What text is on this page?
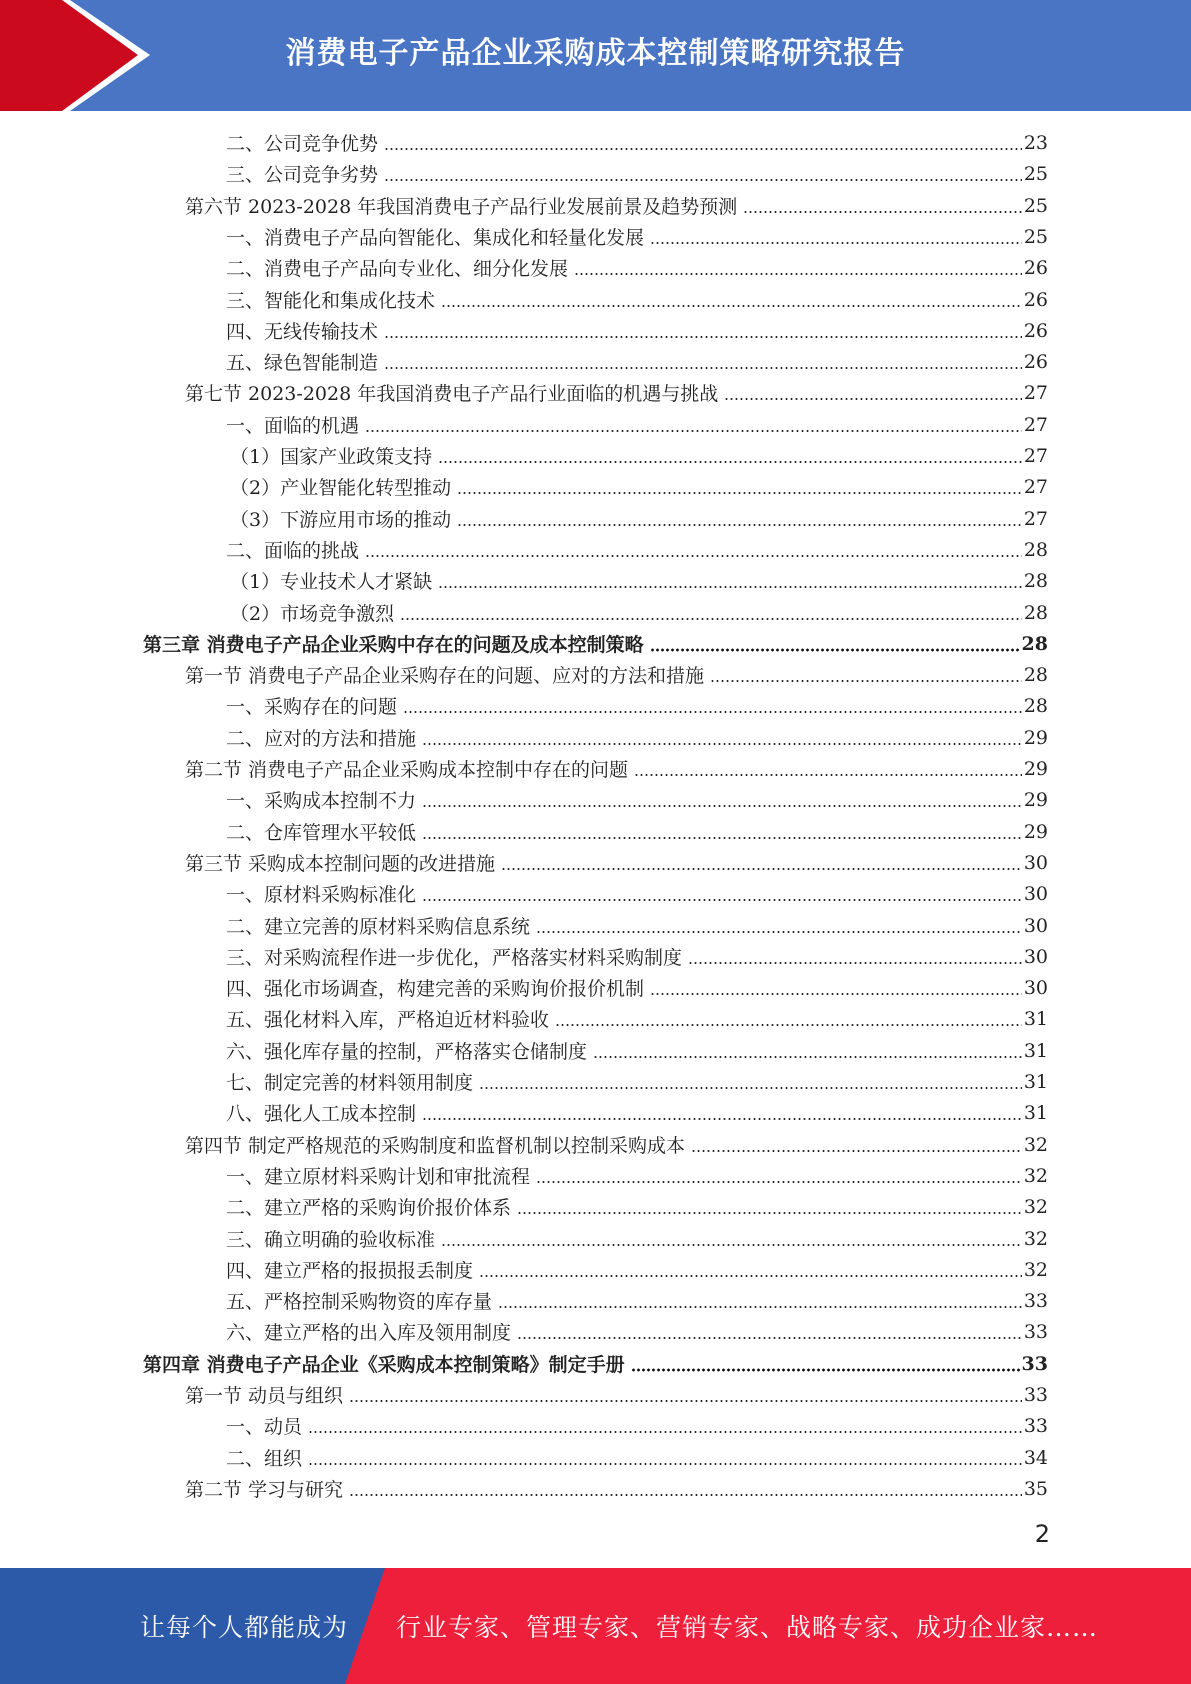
消费电子产品企业采购成本控制策略研究报告
二、公司竞争优势	23
三、公司竞争劣势	25
第六节 2023-2028 年我国消费电子产品行业发展前景及趋势预测	25
一、消费电子产品向智能化、集成化和轻量化发展	25
二、消费电子产品向专业化、细分化发展	26
三、智能化和集成化技术	26
四、无线传输技术	26
五、绿色智能制造	26
第七节 2023-2028 年我国消费电子产品行业面临的机遇与挑战	27
一、面临的机遇	27
（1）国家产业政策支持	27
（2）产业智能化转型推动	27
（3）下游应用市场的推动	27
二、面临的挑战	28
（1）专业技术人才紧缺	28
（2）市场竞争激烈	28
第三章 消费电子产品企业采购中存在的问题及成本控制策略	28
第一节 消费电子产品企业采购存在的问题、应对的方法和措施	28
一、采购存在的问题	28
二、应对的方法和措施	29
第二节 消费电子产品企业采购成本控制中存在的问题	29
一、采购成本控制不力	29
二、仓库管理水平较低	29
第三节 采购成本控制问题的改进措施	30
一、原材料采购标准化	30
二、建立完善的原材料采购信息系统	30
三、对采购流程作进一步优化，严格落实材料采购制度	30
四、强化市场调查，构建完善的采购询价报价机制	30
五、强化材料入库，严格迫近材料验收	31
六、强化库存量的控制，严格落实仓储制度	31
七、制定完善的材料领用制度	31
八、强化人工成本控制	31
第四节 制定严格规范的采购制度和监督机制以控制采购成本	32
一、建立原材料采购计划和审批流程	32
二、建立严格的采购询价报价体系	32
三、确立明确的验收标准	32
四、建立严格的报损报丢制度	32
五、严格控制采购物资的库存量	33
六、建立严格的出入库及领用制度	33
第四章 消费电子产品企业《采购成本控制策略》制定手册	33
第一节 动员与组织	33
一、动员	33
二、组织	34
第二节 学习与研究	35
2
让每个人都能成为 行业专家、管理专家、营销专家、战略专家、成功企业家……
